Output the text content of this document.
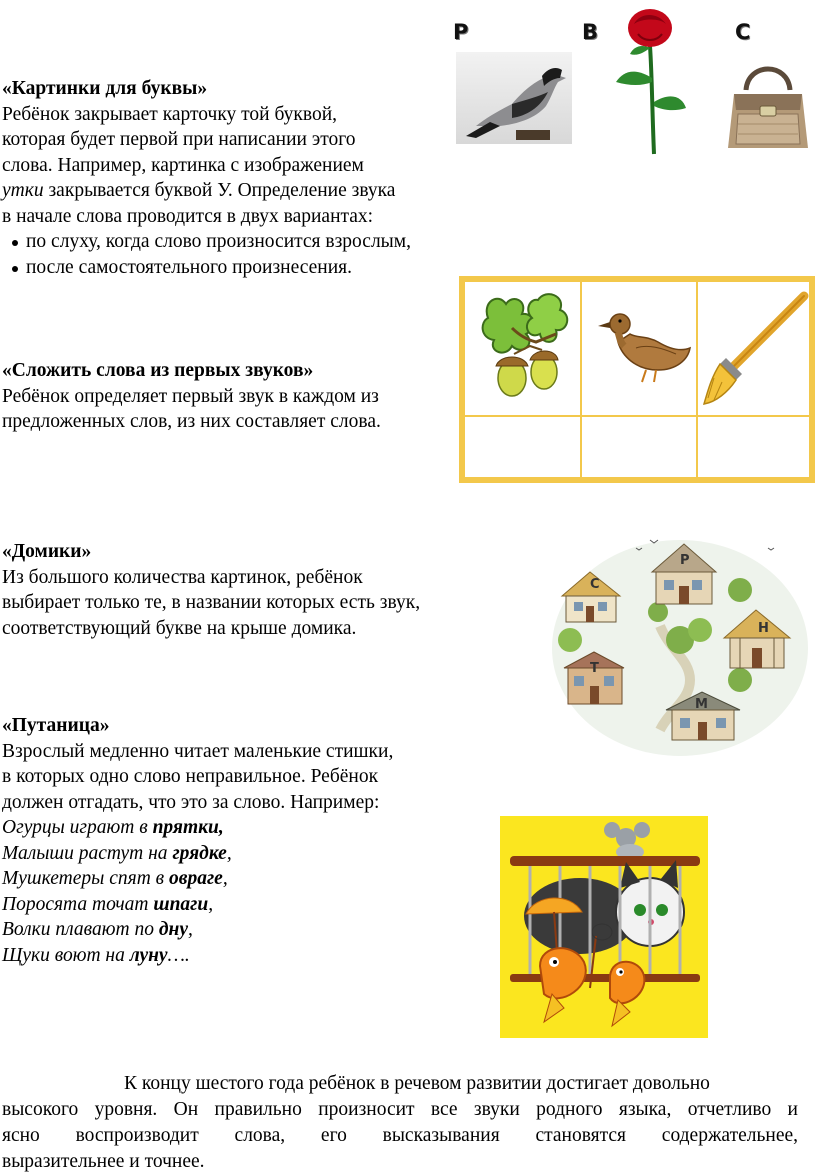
Р	В	С
«Картинки для буквы»
Ребёнок закрывает карточку той буквой,
которая будет первой при написании этого
слова. Например, картинка с изображением
утки закрывается буквой У. Определение звука
в начале слова проводится в двух вариантах:
по слуху, когда слово произносится взрослым,
после самостоятельного произнесения.
«Сложить слова из первых звуков»
Ребёнок определяет первый звук в каждом из
предложенных слов, из них составляет слова.
«Домики»
Из большого количества картинок, ребёнок
выбирает только те, в названии которых есть звук,
соответствующий букве на крыше домика.
Р
С
Н
Т
М
«Путаница»
Взрослый медленно читает маленькие стишки,
в которых одно слово неправильное. Ребёнок
должен отгадать, что это за слово. Например:
Огурцы играют в прятки,
Малыши растут на грядке,
Мушкетеры спят в овраге,
Поросята точат шпаги,
Волки плавают по дну,
Щуки воют на луну….
К концу шестого года ребёнок в речевом развитии достигает довольно
высокого уровня. Он правильно произносит все звуки родного языка, отчетливо и
ясно воспроизводит слова, его высказывания становятся содержательнее,
выразительнее и точнее.
